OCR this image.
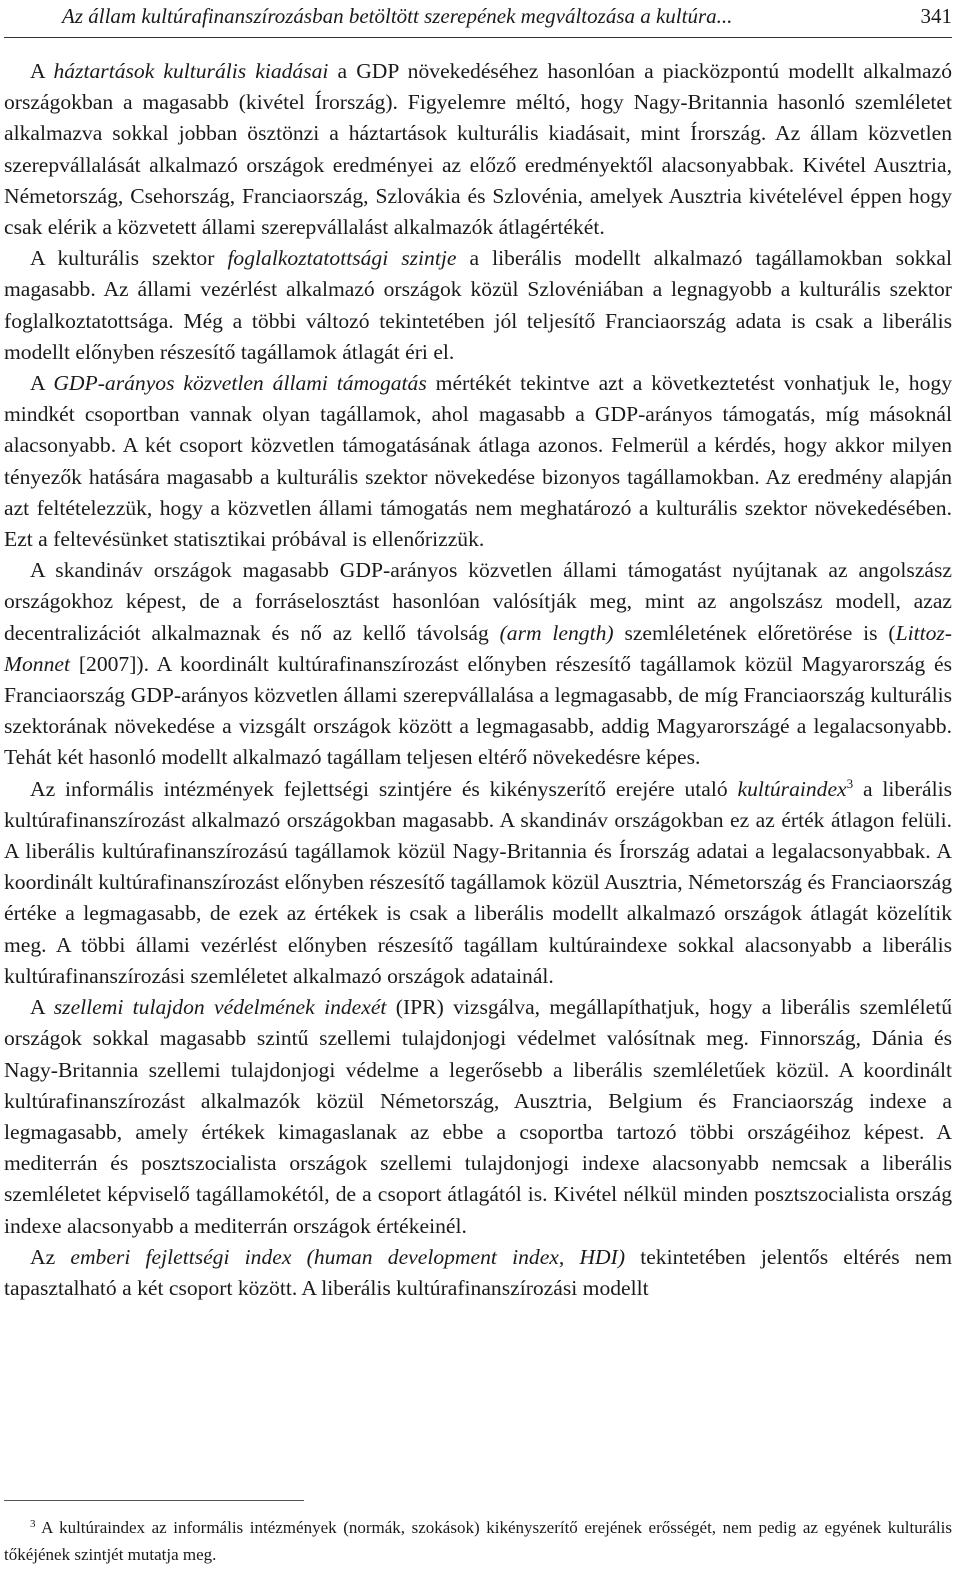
Az állam kultúrafinanszírozásban betöltött szerepének megváltozása a kultúra...	341

A háztartások kulturális kiadásai a GDP növekedéséhez hasonlóan a piacközpontú modellt alkalmazó országokban a magasabb (kivétel Írország). Figyelemre méltó, hogy Nagy-Britannia hasonló szemléletet alkalmazva sokkal jobban ösztönzi a háztartások kulturális kiadásait, mint Írország. Az állam közvetlen szerepvállalását alkalmazó országok eredményei az előző eredményektől alacsonyabbak. Kivétel Ausztria, Németország, Csehország, Franciaország, Szlovákia és Szlovénia, amelyek Ausztria kivételével éppen hogy csak elérik a közvetett állami szerepvállalást alkalmazók átlagértékét.

A kulturális szektor foglalkoztatottsági szintje a liberális modellt alkalmazó tagállamokban sokkal magasabb. Az állami vezérlést alkalmazó országok közül Szlovéniában a legnagyobb a kulturális szektor foglalkoztatottsága. Még a többi változó tekintetében jól teljesítő Franciaország adata is csak a liberális modellt előnyben részesítő tagállamok átlagát éri el.

A GDP-arányos közvetlen állami támogatás mértékét tekintve azt a következtetést vonhatjuk le, hogy mindkét csoportban vannak olyan tagállamok, ahol magasabb a GDP-arányos támogatás, míg másoknál alacsonyabb. A két csoport közvetlen támogatásának átlaga azonos. Felmerül a kérdés, hogy akkor milyen tényezők hatására magasabb a kulturális szektor növekedése bizonyos tagállamokban. Az eredmény alapján azt feltételezzük, hogy a közvetlen állami támogatás nem meghatározó a kulturális szektor növekedésében. Ezt a feltevésünket statisztikai próbával is ellenőrizzük.

A skandináv országok magasabb GDP-arányos közvetlen állami támogatást nyújtanak az angolszász országokhoz képest, de a forráselosztást hasonlóan valósítják meg, mint az angolszász modell, azaz decentralizációt alkalmaznak és nő az kellő távolság (arm length) szemléletének előretörése is (Littoz-Monnet [2007]). A koordinált kultúrafinanszírozást előnyben részesítő tagállamok közül Magyarország és Franciaország GDP-arányos közvetlen állami szerepvállalása a legmagasabb, de míg Franciaország kulturális szektorának növekedése a vizsgált országok között a legmagasabb, addig Magyarországé a legalacsonyabb. Tehát két hasonló modellt alkalmazó tagállam teljesen eltérő növekedésre képes.

Az informális intézmények fejlettségi szintjére és kikényszerítő erejére utaló kultúraindex$^3$ a liberális kultúrafinanszírozást alkalmazó országokban magasabb. A skandináv országokban ez az érték átlagon felüli. A liberális kultúrafinanszírozású tagállamok közül Nagy-Britannia és Írország adatai a legalacsonyabbak. A koordinált kultúrafinanszírozást előnyben részesítő tagállamok közül Ausztria, Németország és Franciaország értéke a legmagasabb, de ezek az értékek is csak a liberális modellt alkalmazó országok átlagát közelítik meg. A többi állami vezérlést előnyben részesítő tagállam kultúraindexe sokkal alacsonyabb a liberális kultúrafinanszírozási szemléletet alkalmazó országok adatainál.

A szellemi tulajdon védelmének indexét (IPR) vizsgálva, megállapíthatjuk, hogy a liberális szemléletű országok sokkal magasabb szintű szellemi tulajdonjogi védelmet valósítnak meg. Finnország, Dánia és Nagy-Britannia szellemi tulajdonjogi védelme a legerősebb a liberális szemléletűek közül. A koordinált kultúrafinanszírozást alkalmazók közül Németország, Ausztria, Belgium és Franciaország indexe a legmagasabb, amely értékek kimagaslanak az ebbe a csoportba tartozó többi országéihoz képest. A mediterrán és posztszocialista országok szellemi tulajdonjogi indexe alacsonyabb nemcsak a liberális szemléletet képviselő tagállamokétól, de a csoport átlagától is. Kivétel nélkül minden posztszocialista ország indexe alacsonyabb a mediterrán országok értékeinél.

Az emberi fejlettségi index (human development index, HDI) tekintetében jelentős eltérés nem tapasztalható a két csoport között. A liberális kultúrafinanszírozási modellt

$^3$ A kultúraindex az informális intézmények (normák, szokások) kikényszerítő erejének erősségét, nem pedig az egyének kulturális tőkéjének szintjét mutatja meg.
